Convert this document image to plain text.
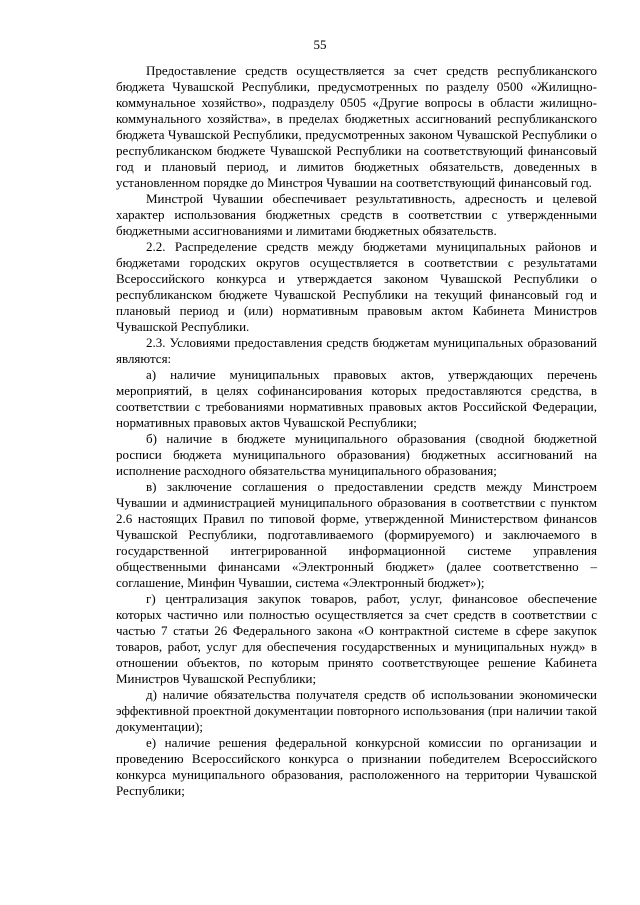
55

Предоставление средств осуществляется за счет средств республиканского бюджета Чувашской Республики, предусмотренных по разделу 0500 «Жилищно-коммунальное хозяйство», подразделу 0505 «Другие вопросы в области жилищно-коммунального хозяйства», в пределах бюджетных ассигнований республиканского бюджета Чувашской Республики, предусмотренных законом Чувашской Республики о республиканском бюджете Чувашской Республики на соответствующий финансовый год и плановый период, и лимитов бюджетных обязательств, доведенных в установленном порядке до Минстроя Чувашии на соответствующий финансовый год.

Минстрой Чувашии обеспечивает результативность, адресность и целевой характер использования бюджетных средств в соответствии с утвержденными бюджетными ассигнованиями и лимитами бюджетных обязательств.

2.2. Распределение средств между бюджетами муниципальных районов и бюджетами городских округов осуществляется в соответствии с результатами Всероссийского конкурса и утверждается законом Чувашской Республики о республиканском бюджете Чувашской Республики на текущий финансовый год и плановый период и (или) нормативным правовым актом Кабинета Министров Чувашской Республики.

2.3. Условиями предоставления средств бюджетам муниципальных образований являются:

а) наличие муниципальных правовых актов, утверждающих перечень мероприятий, в целях софинансирования которых предоставляются средства, в соответствии с требованиями нормативных правовых актов Российской Федерации, нормативных правовых актов Чувашской Республики;

б) наличие в бюджете муниципального образования (сводной бюджетной росписи бюджета муниципального образования) бюджетных ассигнований на исполнение расходного обязательства муниципального образования;

в) заключение соглашения о предоставлении средств между Минстроем Чувашии и администрацией муниципального образования в соответствии с пунктом 2.6 настоящих Правил по типовой форме, утвержденной Министерством финансов Чувашской Республики, подготавливаемого (формируемого) и заключаемого в государственной интегрированной информационной системе управления общественными финансами «Электронный бюджет» (далее соответственно – соглашение, Минфин Чувашии, система «Электронный бюджет»);

г) централизация закупок товаров, работ, услуг, финансовое обеспечение которых частично или полностью осуществляется за счет средств в соответствии с частью 7 статьи 26 Федерального закона «О контрактной системе в сфере закупок товаров, работ, услуг для обеспечения государственных и муниципальных нужд» в отношении объектов, по которым принято соответствующее решение Кабинета Министров Чувашской Республики;

д) наличие обязательства получателя средств об использовании экономически эффективной проектной документации повторного использования (при наличии такой документации);

е) наличие решения федеральной конкурсной комиссии по организации и проведению Всероссийского конкурса о признании победителем Всероссийского конкурса муниципального образования, расположенного на территории Чувашской Республики;
